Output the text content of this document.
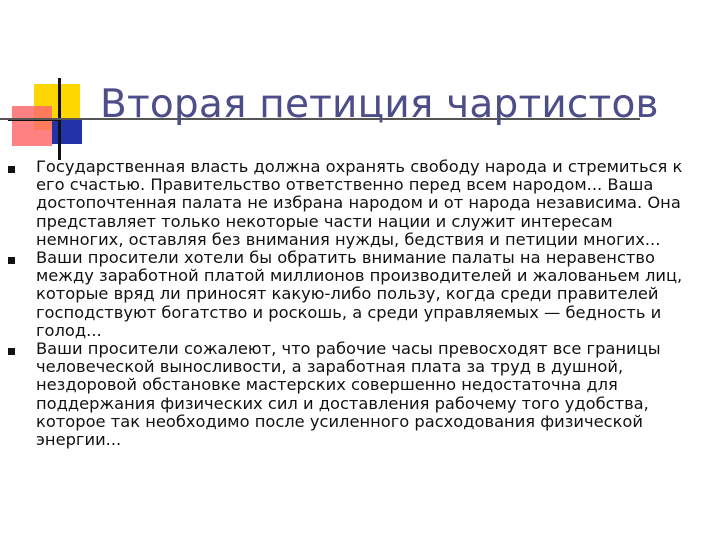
Вторая петиция чартистов
Государственная власть должна охранять свободу народа и стремиться к его счастью. Правительство ответственно перед всем народом... Ваша достопочтенная палата не избрана народом и от народа независима. Она представляет только некоторые части нации и служит интересам немногих, оставляя без внимания нужды, бедствия и петиции многих...
Ваши просители хотели бы обратить внимание палаты на неравенство между заработной платой миллионов производителей и жалованьем лиц, которые вряд ли приносят какую-либо пользу, когда среди правителей господствуют богатство и роскошь, а среди управляемых — бедность и голод...
Ваши просители сожалеют, что рабочие часы превосходят все границы человеческой выносливости, а заработная плата за труд в душной, нездоровой обстановке мастерских совершенно недостаточна для поддержания физических сил и доставления рабочему того удобства, которое так необходимо после усиленного расходования физической энергии...
